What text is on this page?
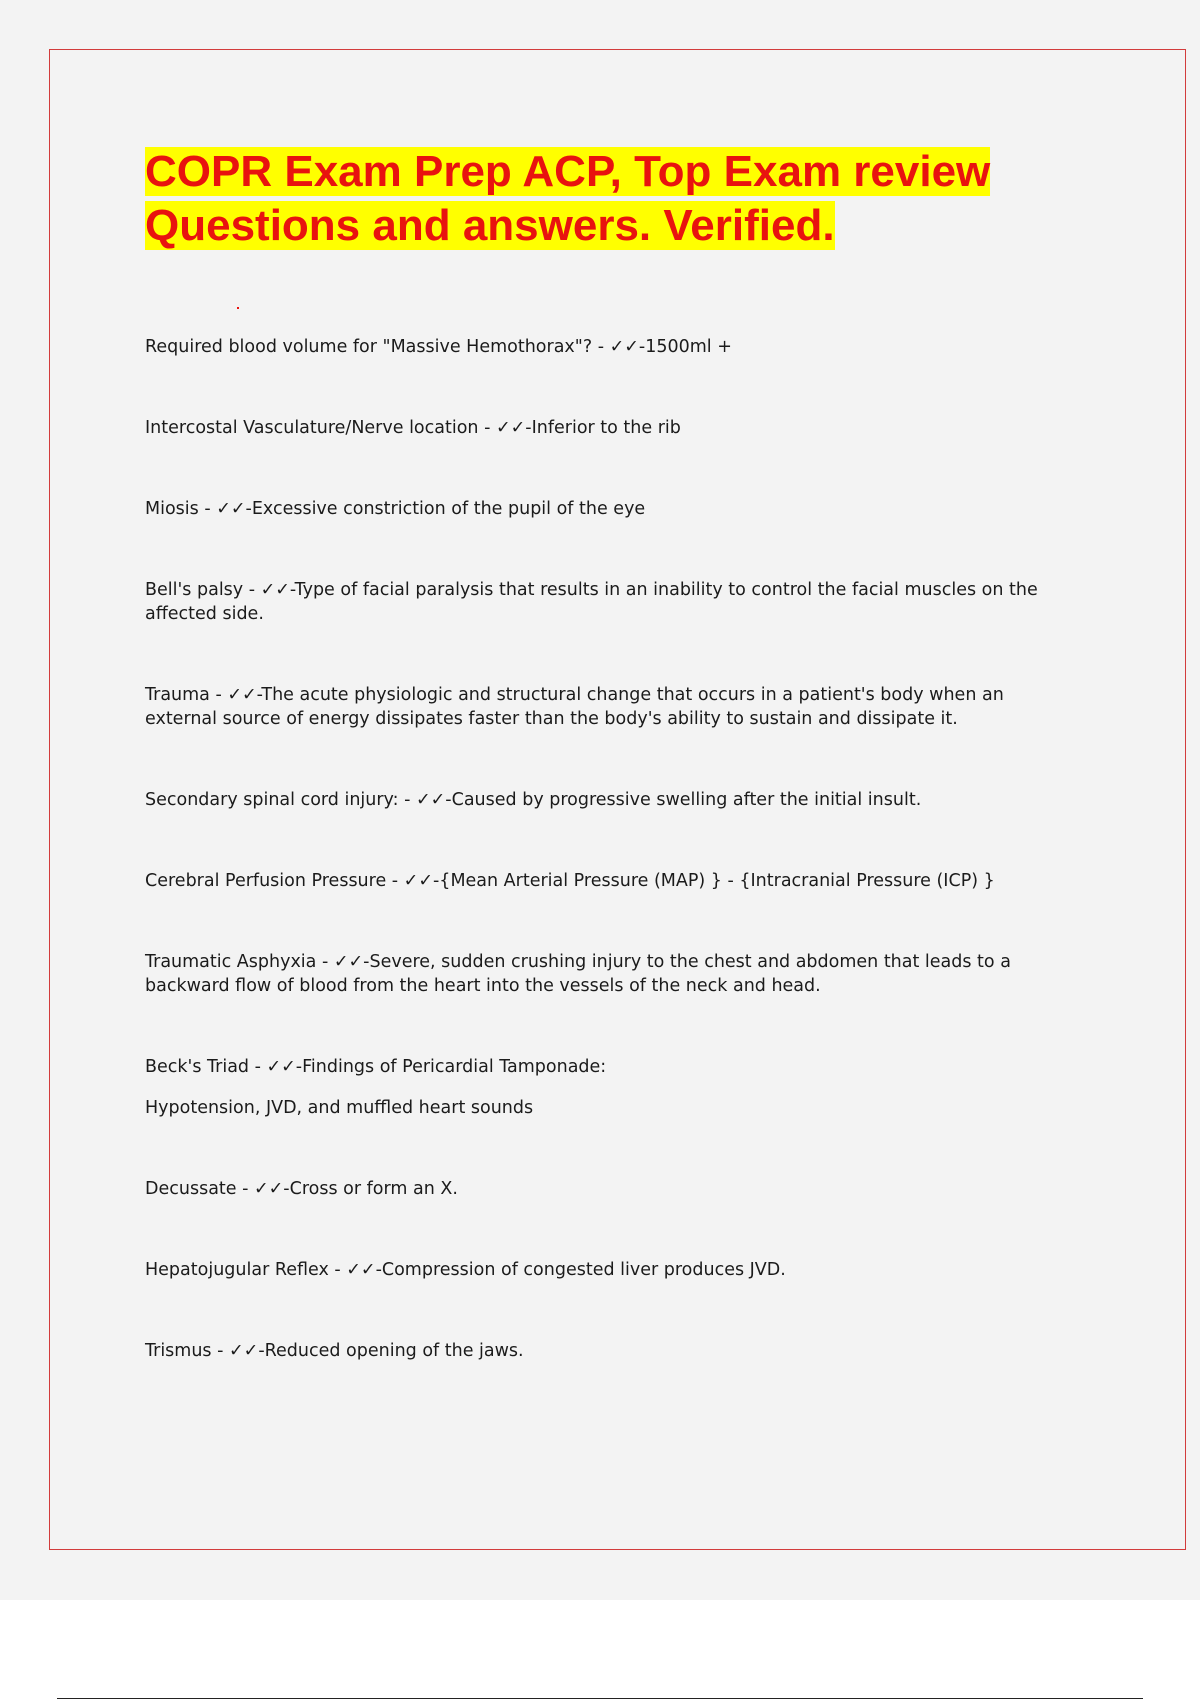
COPR Exam Prep ACP, Top Exam review Questions and answers. Verified.

Required blood volume for "Massive Hemothorax"? - ✓✓-1500ml +

Intercostal Vasculature/Nerve location - ✓✓-Inferior to the rib

Miosis - ✓✓-Excessive constriction of the pupil of the eye

Bell's palsy - ✓✓-Type of facial paralysis that results in an inability to control the facial muscles on the affected side.

Trauma - ✓✓-The acute physiologic and structural change that occurs in a patient's body when an external source of energy dissipates faster than the body's ability to sustain and dissipate it.

Secondary spinal cord injury: - ✓✓-Caused by progressive swelling after the initial insult.

Cerebral Perfusion Pressure - ✓✓-{Mean Arterial Pressure (MAP) } - {Intracranial Pressure (ICP) }

Traumatic Asphyxia - ✓✓-Severe, sudden crushing injury to the chest and abdomen that leads to a backward flow of blood from the heart into the vessels of the neck and head.

Beck's Triad - ✓✓-Findings of Pericardial Tamponade:
Hypotension, JVD, and muffled heart sounds

Decussate - ✓✓-Cross or form an X.

Hepatojugular Reflex - ✓✓-Compression of congested liver produces JVD.

Trismus - ✓✓-Reduced opening of the jaws.
